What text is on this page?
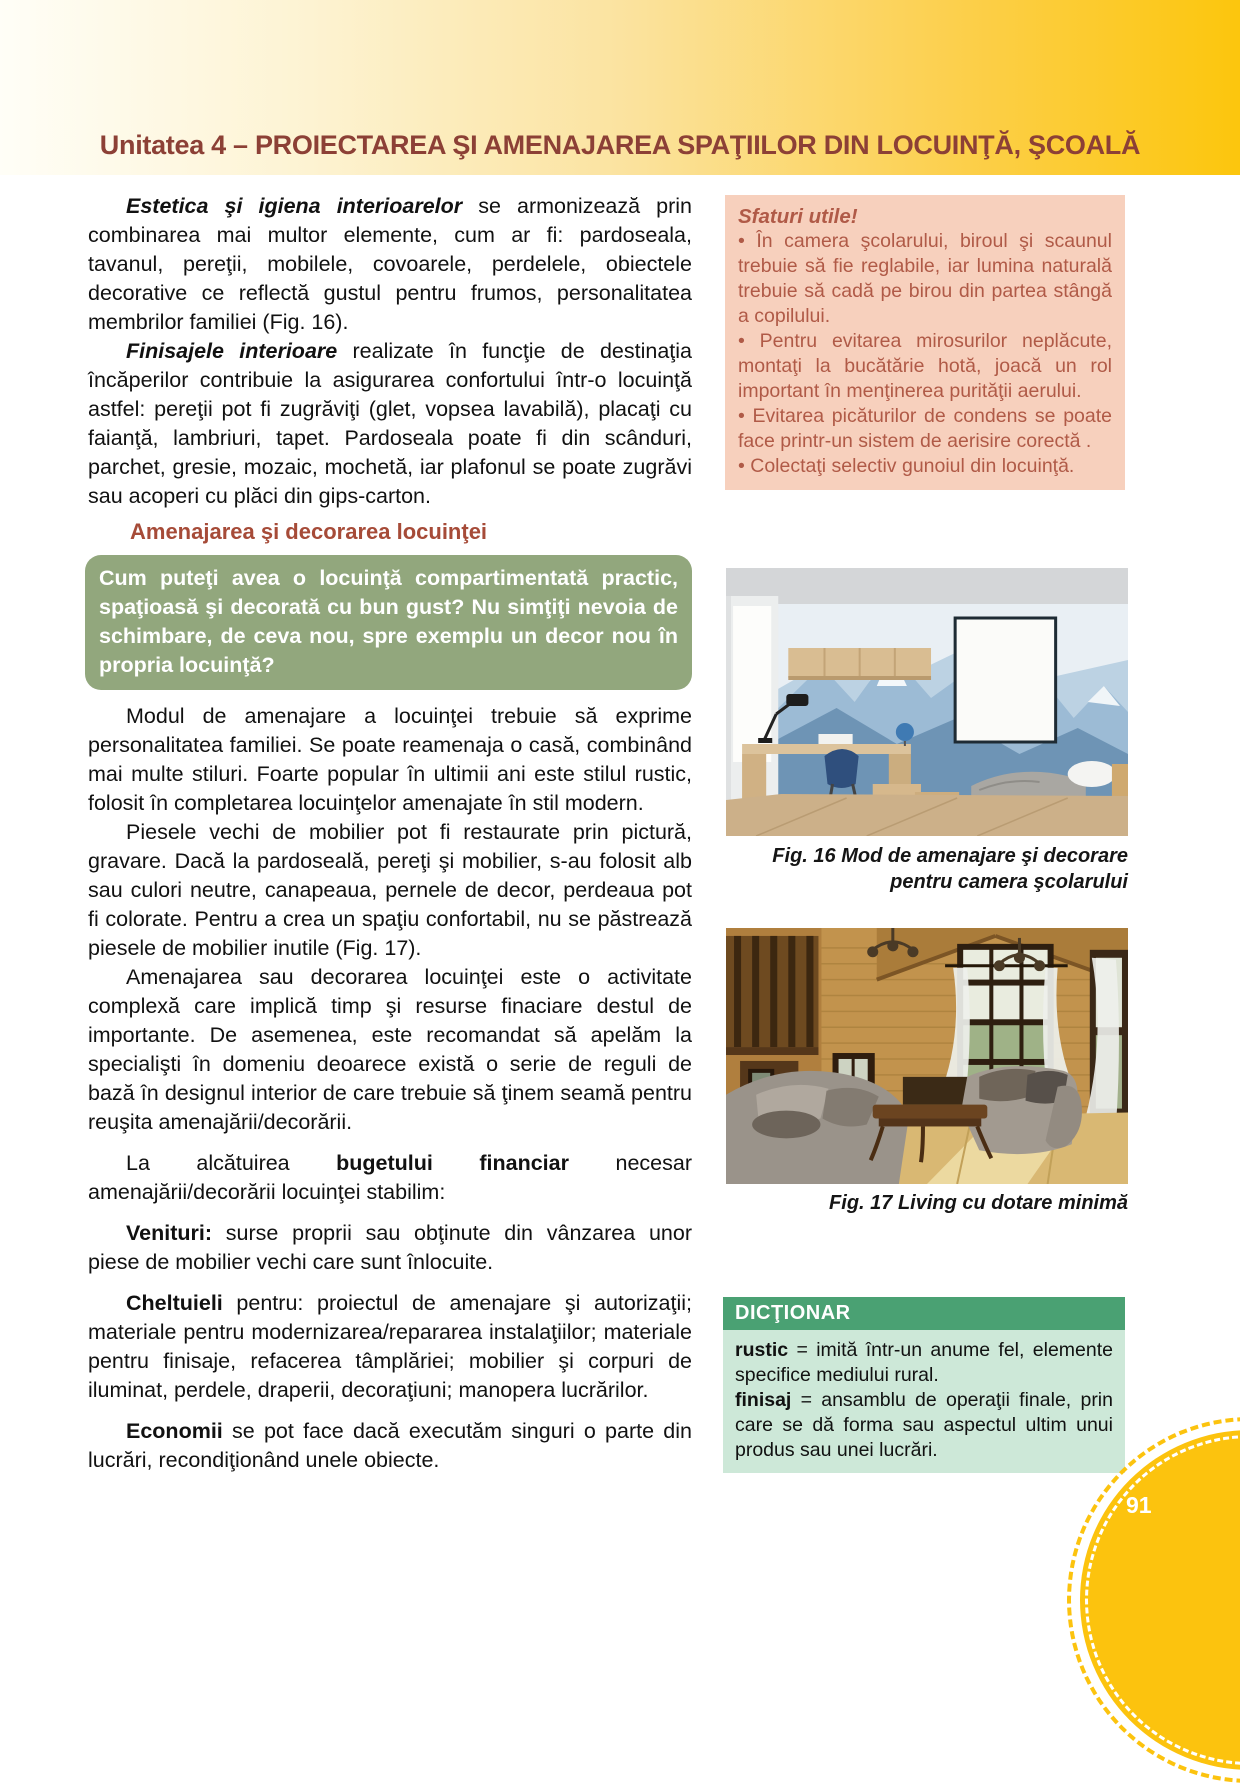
Unitatea 4 – PROIECTAREA ŞI AMENAJAREA SPAŢIILOR DIN LOCUINŢĂ, ŞCOALĂ

Estetica şi igiena interioarelor se armonizează prin combinarea mai multor elemente, cum ar fi: pardoseala, tavanul, pereţii, mobilele, covoarele, perdelele, obiectele decorative ce reflectă gustul pentru frumos, personalitatea membrilor familiei (Fig. 16).

Finisajele interioare realizate în funcţie de destinaţia încăperilor contribuie la asigurarea confortului într-o locuinţă astfel: pereţii pot fi zugrăviţi (glet, vopsea lavabilă), placaţi cu faianţă, lambriuri, tapet. Pardoseala poate fi din scânduri, parchet, gresie, mozaic, mochetă, iar plafonul se poate zugrăvi sau acoperi cu plăci din gips-carton.

Amenajarea şi decorarea locuinţei
Cum puteţi avea o locuinţă compartimentată practic, spaţioasă şi decorată cu bun gust? Nu simţiţi nevoia de schimbare, de ceva nou, spre exemplu un decor nou în propria locuinţă?

Modul de amenajare a locuinţei trebuie să exprime personalitatea familiei. Se poate reamenaja o casă, combinând mai multe stiluri. Foarte popular în ultimii ani este stilul rustic, folosit în completarea locuinţelor amenajate în stil modern.

Piesele vechi de mobilier pot fi restaurate prin pictură, gravare. Dacă la pardoseală, pereţi şi mobilier, s-au folosit alb sau culori neutre, canapeaua, pernele de decor, perdeaua pot fi colorate. Pentru a crea un spaţiu confortabil, nu se păstrează piesele de mobilier inutile (Fig. 17).

Amenajarea sau decorarea locuinţei este o activitate complexă care implică timp şi resurse finaciare destul de importante. De asemenea, este recomandat să apelăm la specialişti în domeniu deoarece există o serie de reguli de bază în designul interior de care trebuie să ţinem seamă pentru reuşita amenajării/decorării.

La alcătuirea bugetului financiar necesar amenajării/decorării locuinţei stabilim:

Venituri: surse proprii sau obţinute din vânzarea unor piese de mobilier vechi care sunt înlocuite.

Cheltuieli pentru: proiectul de amenajare şi autorizaţii; materiale pentru modernizarea/repararea instalaţiilor; materiale pentru finisaje, refacerea tâmplăriei; mobilier şi corpuri de iluminat, perdele, draperii, decoraţiuni; manopera lucrărilor.

Economii se pot face dacă executăm singuri o parte din lucrări, recondiţionând unele obiecte.

Sfaturi utile!
• În camera şcolarului, biroul şi scaunul trebuie să fie reglabile, iar lumina naturală trebuie să cadă pe birou din partea stângă a copilului.
• Pentru evitarea mirosurilor neplăcute, montaţi la bucătărie hotă, joacă un rol important în menţinerea purităţii aerului.
• Evitarea picăturilor de condens se poate face printr-un sistem de aerisire corectă .
• Colectaţi selectiv gunoiul din locuinţă.
Fig. 16 Mod de amenajare şi decorare pentru camera şcolarului
Fig. 17 Living cu dotare minimă
DICŢIONAR
rustic = imită într-un anume fel, elemente specifice mediului rural.
finisaj = ansamblu de operaţii finale, prin care se dă forma sau aspectul ultim unui produs sau unei lucrări.
91
